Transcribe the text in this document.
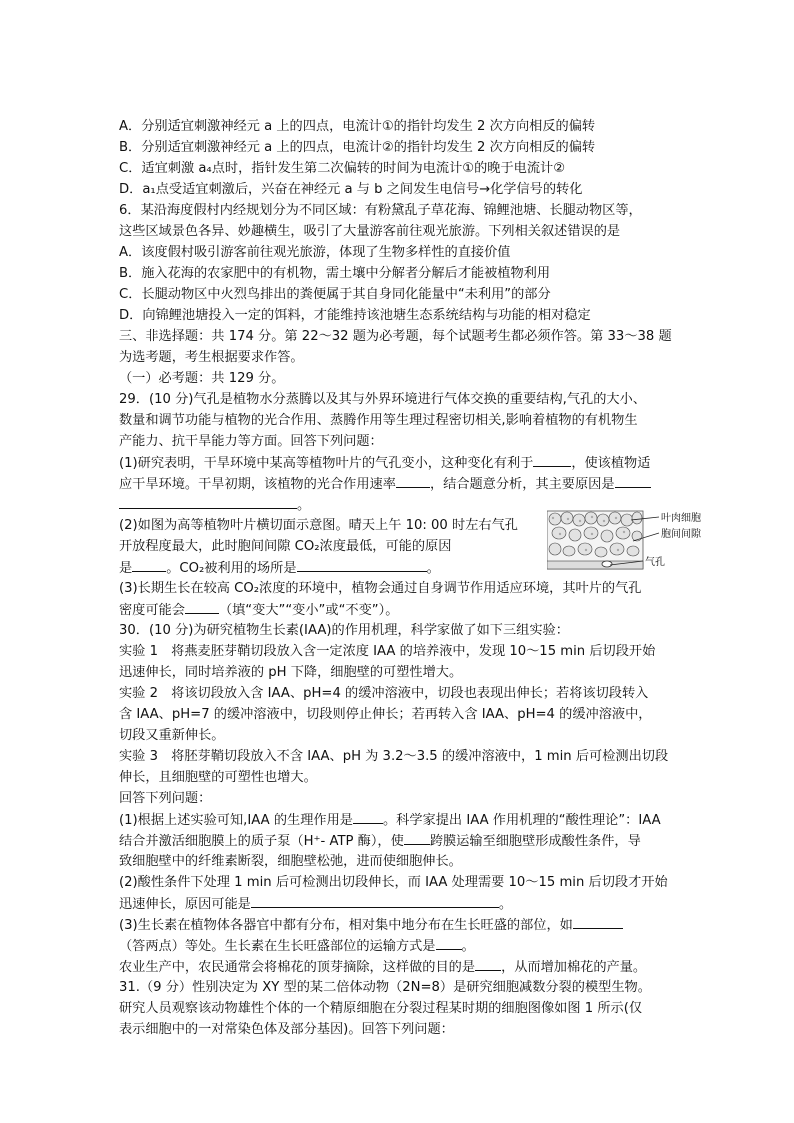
A．分别适宜刺激神经元 a 上的四点，电流计①的指针均发生 2 次方向相反的偏转
B．分别适宜刺激神经元 a 上的四点，电流计②的指针均发生 2 次方向相反的偏转
C．适宜刺激 a₄点时，指针发生第二次偏转的时间为电流计①的晚于电流计②
D．a₁点受适宜刺激后，兴奋在神经元 a 与 b 之间发生电信号→化学信号的转化
6．某沿海度假村内经规划分为不同区域：有粉黛乱子草花海、锦鲤池塘、长腿动物区等，
这些区域景色各异、妙趣横生，吸引了大量游客前往观光旅游。下列相关叙述错误的是
A．该度假村吸引游客前往观光旅游，体现了生物多样性的直接价值
B．施入花海的农家肥中的有机物，需土壤中分解者分解后才能被植物利用
C．长腿动物区中火烈鸟排出的粪便属于其自身同化能量中“未利用”的部分
D．向锦鲤池塘投入一定的饵料，才能维持该池塘生态系统结构与功能的相对稳定
三、非选择题：共 174 分。第 22～32 题为必考题，每个试题考生都必须作答。第 33～38 题
为选考题，考生根据要求作答。
（一）必考题：共 129 分。
29．(10 分)气孔是植物水分蒸腾以及其与外界环境进行气体交换的重要结构,气孔的大小、
数量和调节功能与植物的光合作用、蒸腾作用等生理过程密切相关,影响着植物的有机物生
产能力、抗干旱能力等方面。回答下列问题：
(1)研究表明，干旱环境中某高等植物叶片的气孔变小，这种变化有利于	，使该植物适
应干旱环境。干旱初期，该植物的光合作用速率	，结合题意分析，其主要原因是
。
(2)如图为高等植物叶片横切面示意图。晴天上午 10: 00 时左右气孔
开放程度最大，此时胞间间隙 CO₂浓度最低，可能的原因
是	。CO₂被利用的场所是	。
叶肉细胞
胞间间隙
气孔
(3)长期生长在较高 CO₂浓度的环境中，植物会通过自身调节作用适应环境，其叶片的气孔
密度可能会	（填“变大”“变小”或“不变”）。
30．(10 分)为研究植物生长素(IAA)的作用机理，科学家做了如下三组实验：
实验 1　将燕麦胚芽鞘切段放入含一定浓度 IAA 的培养液中，发现 10～15 min 后切段开始
迅速伸长，同时培养液的 pH 下降，细胞壁的可塑性增大。
实验 2　将该切段放入含 IAA、pH=4 的缓冲溶液中，切段也表现出伸长；若将该切段转入
含 IAA、pH=7 的缓冲溶液中，切段则停止伸长；若再转入含 IAA、pH=4 的缓冲溶液中，
切段又重新伸长。
实验 3　将胚芽鞘切段放入不含 IAA、pH 为 3.2～3.5 的缓冲溶液中，1 min 后可检测出切段
伸长，且细胞壁的可塑性也增大。
回答下列问题：
(1)根据上述实验可知,IAA 的生理作用是 。科学家提出 IAA 作用机理的“酸性理论”：IAA
结合并激活细胞膜上的质子泵（H⁺- ATP 酶），使 跨膜运输至细胞壁形成酸性条件，导
致细胞壁中的纤维素断裂，细胞壁松弛，进而使细胞伸长。
(2)酸性条件下处理 1 min 后可检测出切段伸长，而 IAA 处理需要 10～15 min 后切段才开始
迅速伸长，原因可能是	。
(3)生长素在植物体各器官中都有分布，相对集中地分布在生长旺盛的部位，如
（答两点）等处。生长素在生长旺盛部位的运输方式是 。
农业生产中，农民通常会将棉花的顶芽摘除，这样做的目的是 ，从而增加棉花的产量。
31.（9 分）性别决定为 XY 型的某二倍体动物（2N=8）是研究细胞减数分裂的模型生物。
研究人员观察该动物雄性个体的一个精原细胞在分裂过程某时期的细胞图像如图 1 所示(仅
表示细胞中的一对常染色体及部分基因)。回答下列问题：
